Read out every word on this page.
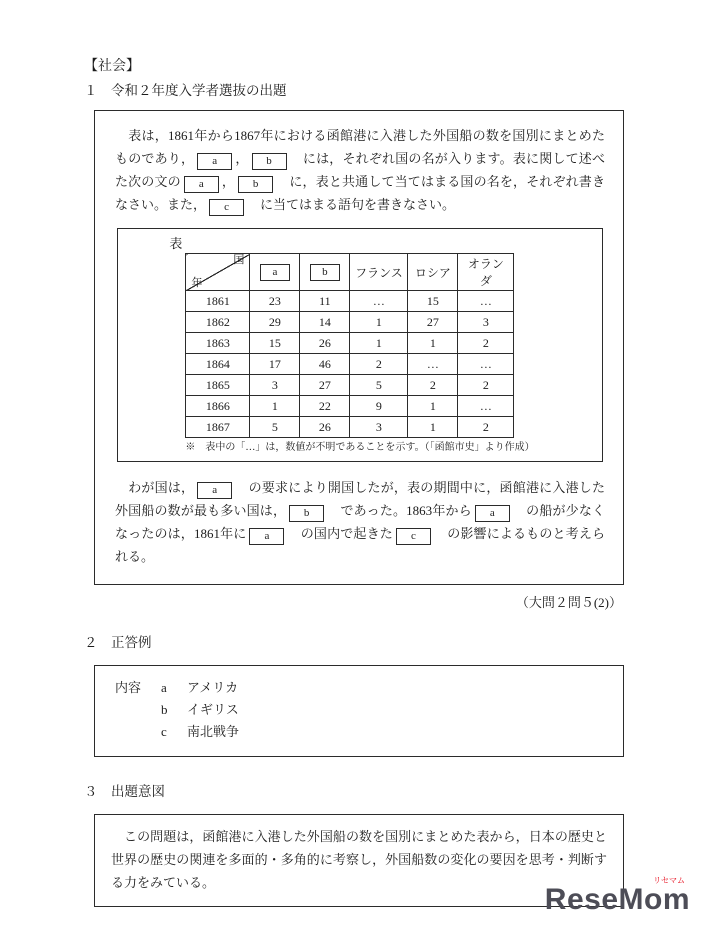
【社会】
１　令和２年度入学者選抜の出題

　表は，1861年から1867年における函館港に入港した外国船の数を国別にまとめたものであり， a ， b　には，それぞれ国の名が入ります。表に関して述べた次の文の a ， b　に，表と共通して当てはまる国の名を，それぞれ書きなさい。また， c　に当てはまる語句を書きなさい。

表
国
年	a	b	フランス	ロシア	オランダ
1861	23	11	…	15	…
1862	29	14	1	27	3
1863	15	26	1	1	2
1864	17	46	2	…	…
1865	3	27	5	2	2
1866	1	22	9	1	…
1867	5	26	3	1	2
※　表中の「…」は，数値が不明であることを示す。（「函館市史」より作成）

　わが国は， a　の要求により開国したが，表の期間中に，函館港に入港した外国船の数が最も多い国は， b　であった。1863年から a　の船が少なくなったのは，1861年に a　の国内で起きた c　の影響によるものと考えられる。

（大問２問５(2)）
２　正答例
内容	a	アメリカ
b	イギリス
c	南北戦争
３　出題意図

　この問題は，函館港に入港した外国船の数を国別にまとめた表から，日本の歴史と世界の歴史の関連を多面的・多角的に考察し，外国船数の変化の要因を思考・判断する力をみている。	リセマム
ReseMom
